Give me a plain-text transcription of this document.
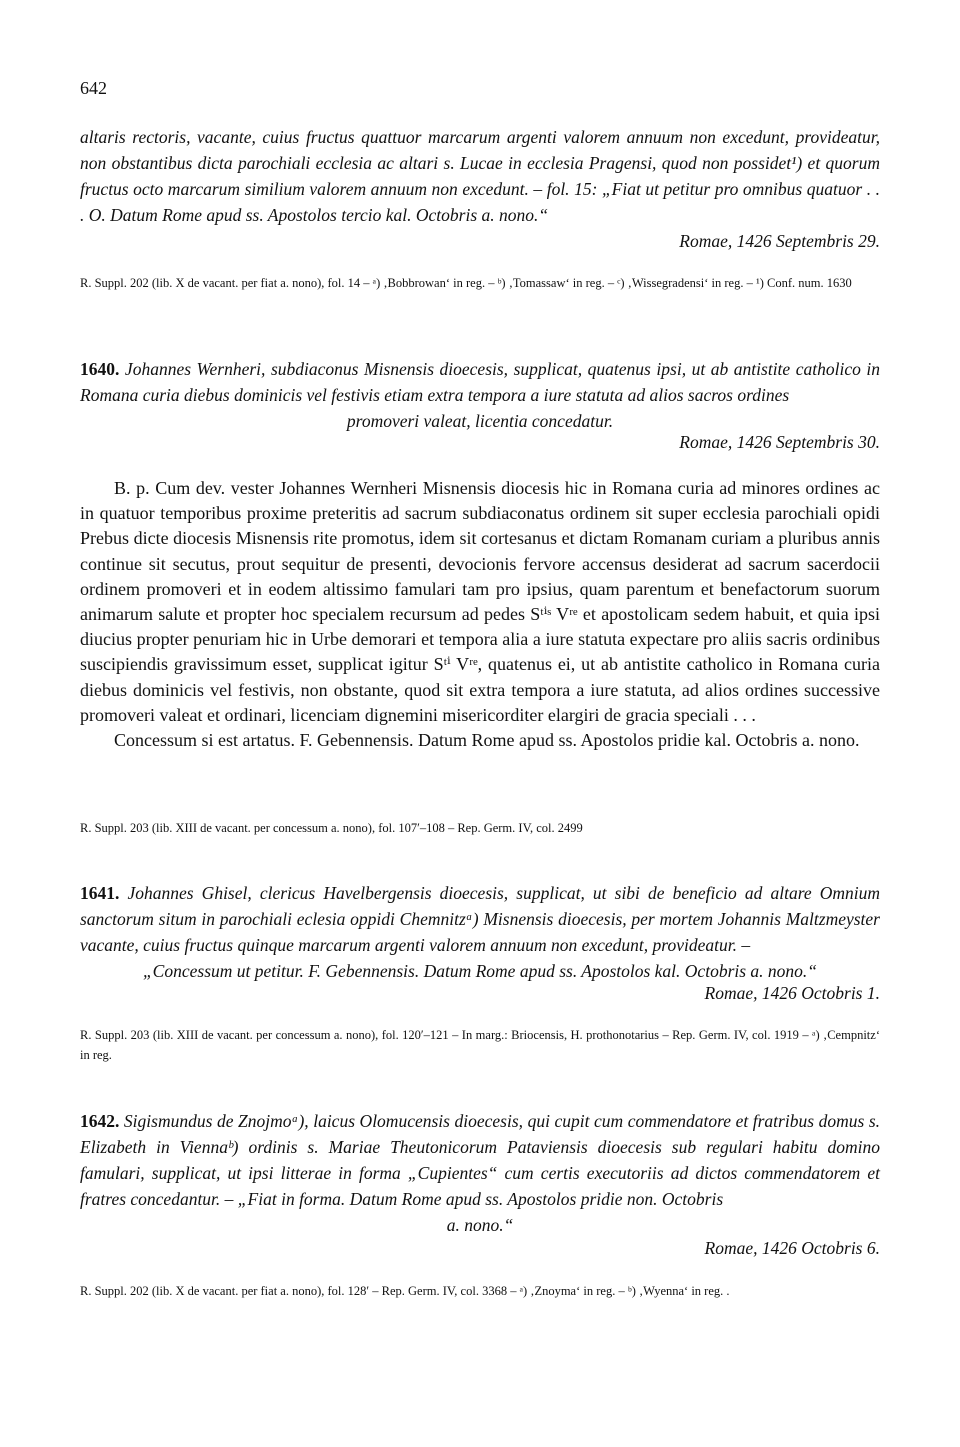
642

altaris rectoris, vacante, cuius fructus quattuor marcarum argenti valorem annuum non excedunt, provideatur, non obstantibus dicta parochiali ecclesia ac altari s. Lucae in ecclesia Pragensi, quod non possidet¹) et quorum fructus octo marcarum similium valorem annuum non excedunt. – fol. 15: „Fiat ut petitur pro omnibus quatuor . . . O. Datum Rome apud ss. Apostolos tercio kal. Octobris a. nono.“

Romae, 1426 Septembris 29.

R. Suppl. 202 (lib. X de vacant. per fiat a. nono), fol. 14 – ᵃ) ‚Bobbrowan‘ in reg. – ᵇ) ‚Tomassaw‘ in reg. – ᶜ) ‚Wissegradensi‘ in reg. – ¹) Conf. num. 1630

1640. Johannes Wernheri, subdiaconus Misnensis dioecesis, supplicat, quatenus ipsi, ut ab antistite catholico in Romana curia diebus dominicis vel festivis etiam extra tempora a iure statuta ad alios sacros ordines
promoveri valeat, licentia concedatur.

Romae, 1426 Septembris 30.

B. p. Cum dev. vester Johannes Wernheri Misnensis diocesis hic in Romana curia ad minores ordines ac in quatuor temporibus proxime preteritis ad sacrum subdiaconatus ordinem sit super ecclesia parochiali opidi Prebus dicte diocesis Misnensis rite promotus, idem sit cortesanus et dictam Romanam curiam a pluribus annis continue sit secutus, prout sequitur de presenti, devocionis fervore accensus desiderat ad sacrum sacerdocii ordinem promoveri et in eodem altissimo famulari tam pro ipsius, quam parentum et benefactorum suorum animarum salute et propter hoc specialem recursum ad pedes Sᵗⁱˢ Vʳᵉ et apostolicam sedem habuit, et quia ipsi diucius propter penuriam hic in Urbe demorari et tempora alia a iure statuta expectare pro aliis sacris ordinibus suscipiendis gravissimum esset, supplicat igitur Sᵗⁱ Vʳᵉ, quatenus ei, ut ab antistite catholico in Romana curia diebus dominicis vel festivis, non obstante, quod sit extra tempora a iure statuta, ad alios ordines successive promoveri valeat et ordinari, licenciam dignemini misericorditer elargiri de gracia speciali . . .

Concessum si est artatus. F. Gebennensis. Datum Rome apud ss. Apostolos pridie kal. Octobris a. nono.

R. Suppl. 203 (lib. XIII de vacant. per concessum a. nono), fol. 107′–108 – Rep. Germ. IV, col. 2499

1641. Johannes Ghisel, clericus Havelbergensis dioecesis, supplicat, ut sibi de beneficio ad altare Omnium sanctorum situm in parochiali eclesia oppidi Chemnitzᵃ) Misnensis dioecesis, per mortem Johannis Maltzmeyster vacante, cuius fructus quinque marcarum argenti valorem annuum non excedunt, provideatur. –
„Concessum ut petitur. F. Gebennensis. Datum Rome apud ss. Apostolos kal. Octobris a. nono.“

Romae, 1426 Octobris 1.

R. Suppl. 203 (lib. XIII de vacant. per concessum a. nono), fol. 120′–121 – In marg.: Briocensis, H. prothonotarius – Rep. Germ. IV, col. 1919 – ᵃ) ‚Cempnitz‘ in reg.

1642. Sigismundus de Znojmoᵃ), laicus Olomucensis dioecesis, qui cupit cum commendatore et fratribus domus s. Elizabeth in Viennaᵇ) ordinis s. Mariae Theutonicorum Pataviensis dioecesis sub regulari habitu domino famulari, supplicat, ut ipsi litterae in forma „Cupientes“ cum certis executoriis ad dictos commendatorem et fratres concedantur. – „Fiat in forma. Datum Rome apud ss. Apostolos pridie non. Octobris
a. nono.“

Romae, 1426 Octobris 6.

R. Suppl. 202 (lib. X de vacant. per fiat a. nono), fol. 128′ – Rep. Germ. IV, col. 3368 – ᵃ) ‚Znoyma‘ in reg. – ᵇ) ‚Wyenna‘ in reg. .
